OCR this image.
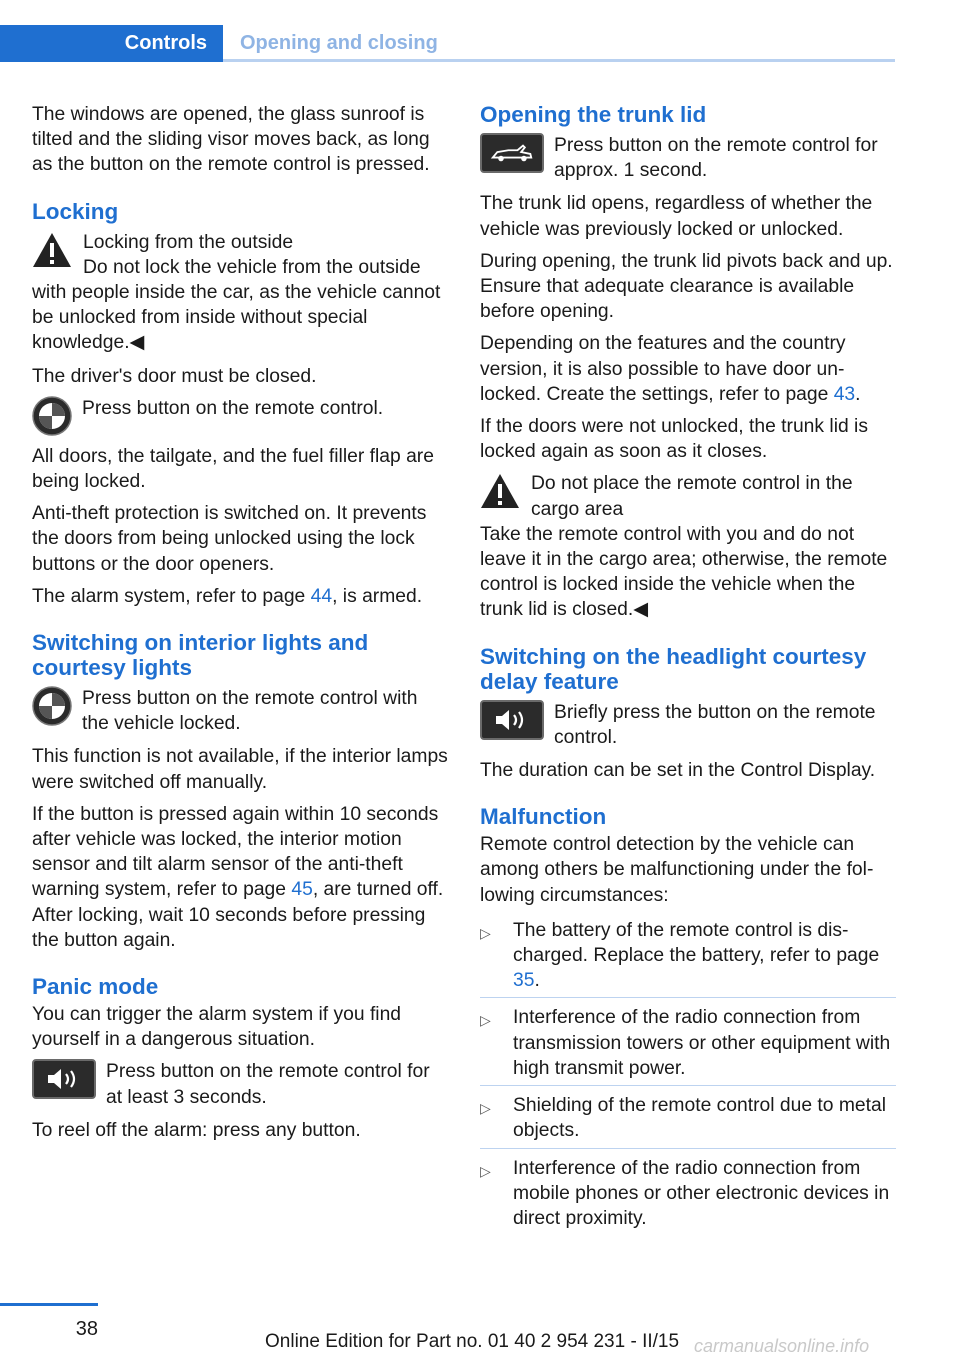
Controls	Opening and closing

The windows are opened, the glass sunroof is tilted and the sliding visor moves back, as long as the button on the remote control is pressed.

Locking
Locking from the outside
Do not lock the vehicle from the outside with people inside the car, as the vehicle cannot be unlocked from inside without special knowledge.◀

The driver's door must be closed.

Press button on the remote control.

All doors, the tailgate, and the fuel filler flap are being locked.

Anti-theft protection is switched on. It prevents the doors from being unlocked using the lock buttons or the door openers.

The alarm system, refer to page 44, is armed.

Switching on interior lights and courtesy lights
Press button on the remote control with the vehicle locked.

This function is not available, if the interior lamps were switched off manually.

If the button is pressed again within 10 seconds after vehicle was locked, the interior motion sensor and tilt alarm sensor of the anti-theft warning system, refer to page 45, are turned off. After locking, wait 10 seconds before pressing the button again.

Panic mode

You can trigger the alarm system if you find yourself in a dangerous situation.

Press button on the remote control for at least 3 seconds.

To reel off the alarm: press any button.

Opening the trunk lid
Press button on the remote control for approx. 1 second.

The trunk lid opens, regardless of whether the vehicle was previously locked or unlocked.

During opening, the trunk lid pivots back and up. Ensure that adequate clearance is available before opening.

Depending on the features and the country version, it is also possible to have door unlocked. Create the settings, refer to page 43.

If the doors were not unlocked, the trunk lid is locked again as soon as it closes.

Do not place the remote control in the cargo area
Take the remote control with you and do not leave it in the cargo area; otherwise, the remote control is locked inside the vehicle when the trunk lid is closed.◀
Switching on the headlight courtesy delay feature
Briefly press the button on the remote control.

The duration can be set in the Control Display.

Malfunction

Remote control detection by the vehicle can among others be malfunctioning under the following circumstances:

▷	The battery of the remote control is discharged. Replace the battery, refer to page 35.
▷	Interference of the radio connection from transmission towers or other equipment with high transmit power.
▷	Shielding of the remote control due to metal objects.
▷	Interference of the radio connection from mobile phones or other electronic devices in direct proximity.
38
Online Edition for Part no. 01 40 2 954 231 - II/15 carmanualsonline.info
